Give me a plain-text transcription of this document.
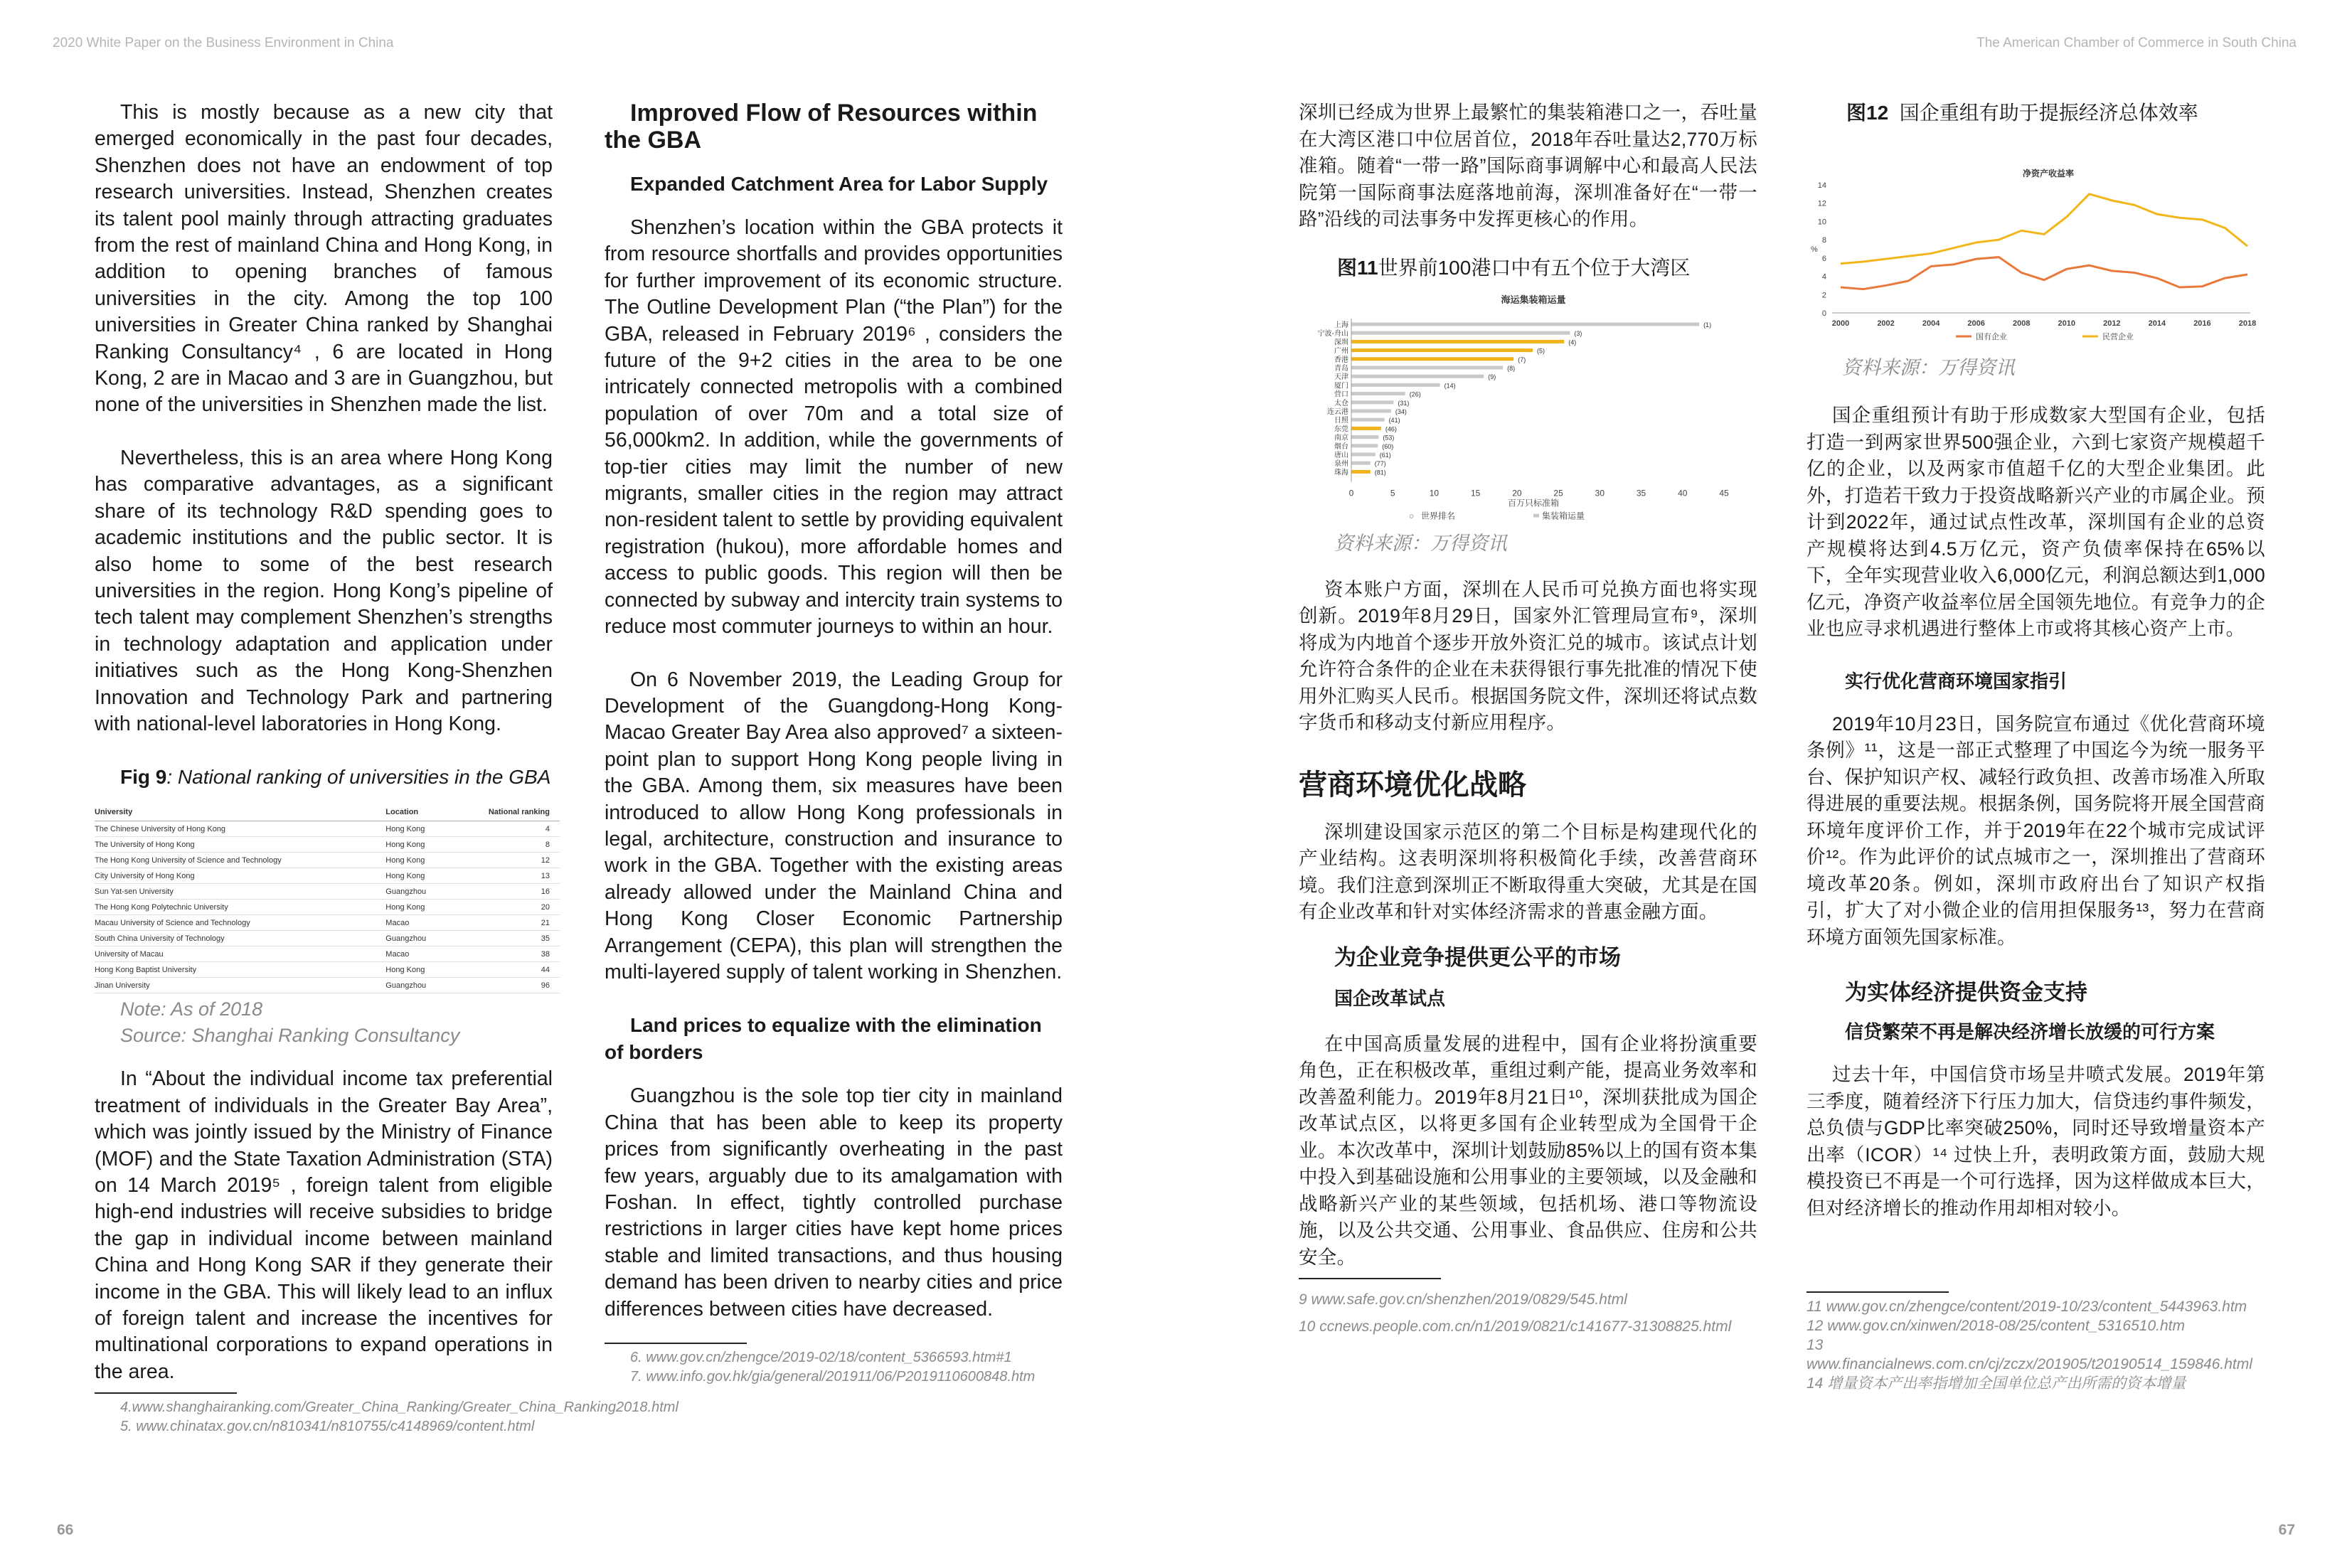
2020 White Paper on the Business Environment in China	The American Chamber of Commerce in South China

This is mostly because as a new city that emerged economically in the past four decades, Shenzhen does not have an endowment of top research universities. Instead, Shenzhen creates its talent pool mainly through attracting graduates from the rest of mainland China and Hong Kong, in addition to opening branches of famous universities in the city. Among the top 100 universities in Greater China ranked by Shanghai Ranking Consultancy⁴ , 6 are located in Hong Kong, 2 are in Macao and 3 are in Guangzhou, but none of the universities in Shenzhen made the list.

Nevertheless, this is an area where Hong Kong has comparative advantages, as a significant share of its technology R&D spending goes to academic institutions and the public sector. It is also home to some of the best research universities in the region. Hong Kong’s pipeline of tech talent may complement Shenzhen’s strengths in technology adaptation and application under initiatives such as the Hong Kong-Shenzhen Innovation and Technology Park and partnering with national-level laboratories in Hong Kong.

Fig 9: National ranking of universities in the GBA
University	Location	National ranking
The Chinese University of Hong Kong	Hong Kong	4
The University of Hong Kong	Hong Kong	8
The Hong Kong University of Science and Technology	Hong Kong	12
City University of Hong Kong	Hong Kong	13
Sun Yat-sen University	Guangzhou	16
The Hong Kong Polytechnic University	Hong Kong	20
Macau University of Science and Technology	Macao	21
South China University of Technology	Guangzhou	35
University of Macau	Macao	38
Hong Kong Baptist University	Hong Kong	44
Jinan University	Guangzhou	96
Note: As of 2018
Source: Shanghai Ranking Consultancy

In “About the individual income tax preferential treatment of individuals in the Greater Bay Area”, which was jointly issued by the Ministry of Finance (MOF) and the State Taxation Administration (STA) on 14 March 2019⁵ , foreign talent from eligible high-end industries will receive subsidies to bridge the gap in individual income between mainland China and Hong Kong SAR if they generate their income in the GBA. This will likely lead to an influx of foreign talent and increase the incentives for multinational corporations to expand operations in the area.

4.www.shanghairanking.com/Greater_China_Ranking/Greater_China_Ranking2018.html
5. www.chinatax.gov.cn/n810341/n810755/c4148969/content.html
Improved Flow of Resources within the GBA
Expanded Catchment Area for Labor Supply

Shenzhen’s location within the GBA protects it from resource shortfalls and provides opportunities for further improvement of its economic structure. The Outline Development Plan (“the Plan”) for the GBA, released in February 2019⁶ , considers the future of the 9+2 cities in the area to be one intricately connected metropolis with a combined population of over 70m and a total size of 56,000km2. In addition, while the governments of top-tier cities may limit the number of new migrants, smaller cities in the region may attract non-resident talent to settle by providing equivalent registration (hukou), more affordable homes and access to public goods. This region will then be connected by subway and intercity train systems to reduce most commuter journeys to within an hour.

On 6 November 2019, the Leading Group for Development of the Guangdong-Hong Kong-Macao Greater Bay Area also approved⁷ a sixteen-point plan to support Hong Kong people living in the GBA. Among them, six measures have been introduced to allow Hong Kong professionals in legal, architecture, construction and insurance to work in the GBA. Together with the existing areas already allowed under the Mainland China and Hong Kong Closer Economic Partnership Arrangement (CEPA), this plan will strengthen the multi-layered supply of talent working in Shenzhen.

Land prices to equalize with the elimination of borders

Guangzhou is the sole top tier city in mainland China that has been able to keep its property prices from significantly overheating in the past few years, arguably due to its amalgamation with Foshan. In effect, tightly controlled purchase restrictions in larger cities have kept home prices stable and limited transactions, and thus housing demand has been driven to nearby cities and price differences between cities have decreased.

6. www.gov.cn/zhengce/2019-02/18/content_5366593.htm#1
7. www.info.gov.hk/gia/general/201911/06/P2019110600848.htm

深圳已经成为世界上最繁忙的集装箱港口之一，吞吐量在大湾区港口中位居首位，2018年吞吐量达2,770万标准箱。随着“一带一路”国际商事调解中心和最高人民法院第一国际商事法庭落地前海，深圳准备好在“一带一路”沿线的司法事务中发挥更核心的作用。

图11世界前100港口中有五个位于大湾区
海运集装箱运量
上海	(1)
宁波-舟山	(3)
深圳	(4)
广州	(5)
香港	(7)
青岛	(8)
天津	(9)
厦门	(14)
营口	(26)
太仓	(31)
连云港	(34)
日照	(41)
东莞	(46)
南京	(53)
烟台	(60)
唐山	(61)
泉州	(77)
珠海	(81)
0	5	10	15	20	25	30	35	40	45
百万只标准箱
○ 世界排名	集装箱运量
资料来源：万得资讯

资本账户方面，深圳在人民币可兑换方面也将实现创新。2019年8月29日，国家外汇管理局宣布⁹，深圳将成为内地首个逐步开放外资汇兑的城市。该试点计划允许符合条件的企业在未获得银行事先批准的情况下使用外汇购买人民币。根据国务院文件，深圳还将试点数字货币和移动支付新应用程序。

营商环境优化战略

深圳建设国家示范区的第二个目标是构建现代化的产业结构。这表明深圳将积极简化手续，改善营商环境。我们注意到深圳正不断取得重大突破，尤其是在国有企业改革和针对实体经济需求的普惠金融方面。

为企业竞争提供更公平的市场
国企改革试点

在中国高质量发展的进程中，国有企业将扮演重要角色，正在积极改革，重组过剩产能，提高业务效率和改善盈利能力。2019年8月21日¹⁰，深圳获批成为国企改革试点区，以将更多国有企业转型成为全国骨干企业。本次改革中，深圳计划鼓励85%以上的国有资本集中投入到基础设施和公用事业的主要领域，以及金融和战略新兴产业的某些领域，包括机场、港口等物流设施，以及公共交通、公用事业、食品供应、住房和公共安全。

9 www.safe.gov.cn/shenzhen/2019/0829/545.html
10 ccnews.people.com.cn/n1/2019/0821/c141677-31308825.html
图12 国企重组有助于提振经济总体效率
净资产收益率
0
2
4
6
8
10
12
14
%
2000	2002	2004	2006	2008	2010	2012	2014	2016	2018
国有企业	民营企业
资料来源：万得资讯

国企重组预计有助于形成数家大型国有企业，包括打造一到两家世界500强企业，六到七家资产规模超千亿的企业，以及两家市值超千亿的大型企业集团。此外，打造若干致力于投资战略新兴产业的市属企业。预计到2022年，通过试点性改革，深圳国有企业的总资产规模将达到4.5万亿元，资产负债率保持在65%以下，全年实现营业收入6,000亿元，利润总额达到1,000亿元，净资产收益率位居全国领先地位。有竞争力的企业也应寻求机遇进行整体上市或将其核心资产上市。

实行优化营商环境国家指引

2019年10月23日，国务院宣布通过《优化营商环境条例》¹¹，这是一部正式整理了中国迄今为统一服务平台、保护知识产权、减轻行政负担、改善市场准入所取得进展的重要法规。根据条例，国务院将开展全国营商环境年度评价工作，并于2019年在22个城市完成试评价¹²。作为此评价的试点城市之一，深圳推出了营商环境改革20条。例如，深圳市政府出台了知识产权指引，扩大了对小微企业的信用担保服务¹³，努力在营商环境方面领先国家标准。

为实体经济提供资金支持
信贷繁荣不再是解决经济增长放缓的可行方案

过去十年，中国信贷市场呈井喷式发展。2019年第三季度，随着经济下行压力加大，信贷违约事件频发，总负债与GDP比率突破250%，同时还导致增量资本产出率（ICOR）¹⁴ 过快上升，表明政策方面，鼓励大规模投资已不再是一个可行选择，因为这样做成本巨大，但对经济增长的推动作用却相对较小。

11 www.gov.cn/zhengce/content/2019-10/23/content_5443963.htm
12 www.gov.cn/xinwen/2018-08/25/content_5316510.htm
13 www.financialnews.com.cn/cj/zczx/201905/t20190514_159846.html
14 增量资本产出率指增加全国单位总产出所需的资本增量
66	67
